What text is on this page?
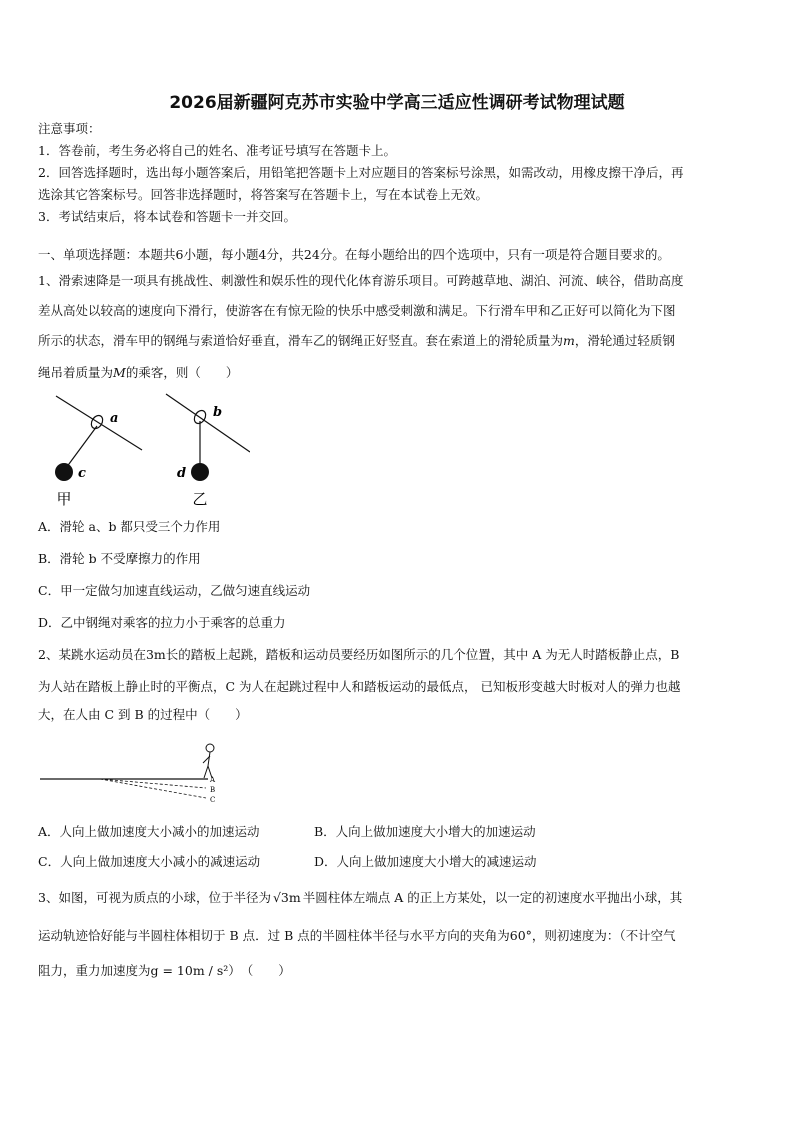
2026届新疆阿克苏市实验中学高三适应性调研考试物理试题
注意事项：
1．答卷前，考生务必将自己的姓名、准考证号填写在答题卡上。
2．回答选择题时，选出每小题答案后，用铅笔把答题卡上对应题目的答案标号涂黑，如需改动，用橡皮擦干净后，再
选涂其它答案标号。回答非选择题时，将答案写在答题卡上，写在本试卷上无效。
3．考试结束后，将本试卷和答题卡一并交回。
一、单项选择题：本题共6小题，每小题4分，共24分。在每小题给出的四个选项中，只有一项是符合题目要求的。
1、滑索速降是一项具有挑战性、刺激性和娱乐性的现代化体育游乐项目。可跨越草地、湖泊、河流、峡谷，借助高度
差从高处以较高的速度向下滑行，使游客在有惊无险的快乐中感受刺激和满足。下行滑车甲和乙正好可以简化为下图
所示的状态，滑车甲的钢绳与索道恰好垂直，滑车乙的钢绳正好竖直。套在索道上的滑轮质量为m，滑轮通过轻质钢
绳吊着质量为M的乘客，则（　　）
a
c
甲
b
d
乙
A．滑轮 a、b 都只受三个力作用
B．滑轮 b 不受摩擦力的作用
C．甲一定做匀加速直线运动，乙做匀速直线运动
D．乙中钢绳对乘客的拉力小于乘客的总重力
2、某跳水运动员在3m长的踏板上起跳，踏板和运动员要经历如图所示的几个位置，其中 A 为无人时踏板静止点，B
为人站在踏板上静止时的平衡点，C 为人在起跳过程中人和踏板运动的最低点， 已知板形变越大时板对人的弹力也越
大，在人由 C 到 B 的过程中（　　）
A
B
C
A．人向上做加速度大小减小的加速运动	B．人向上做加速度大小增大的加速运动
C．人向上做加速度大小减小的减速运动	D．人向上做加速度大小增大的减速运动
3、如图，可视为质点的小球，位于半径为 √3m 半圆柱体左端点 A 的正上方某处，以一定的初速度水平抛出小球，其
运动轨迹恰好能与半圆柱体相切于 B 点．过 B 点的半圆柱体半径与水平方向的夹角为60°，则初速度为：（不计空气
阻力，重力加速度为g = 10m / s²）　（　　）
